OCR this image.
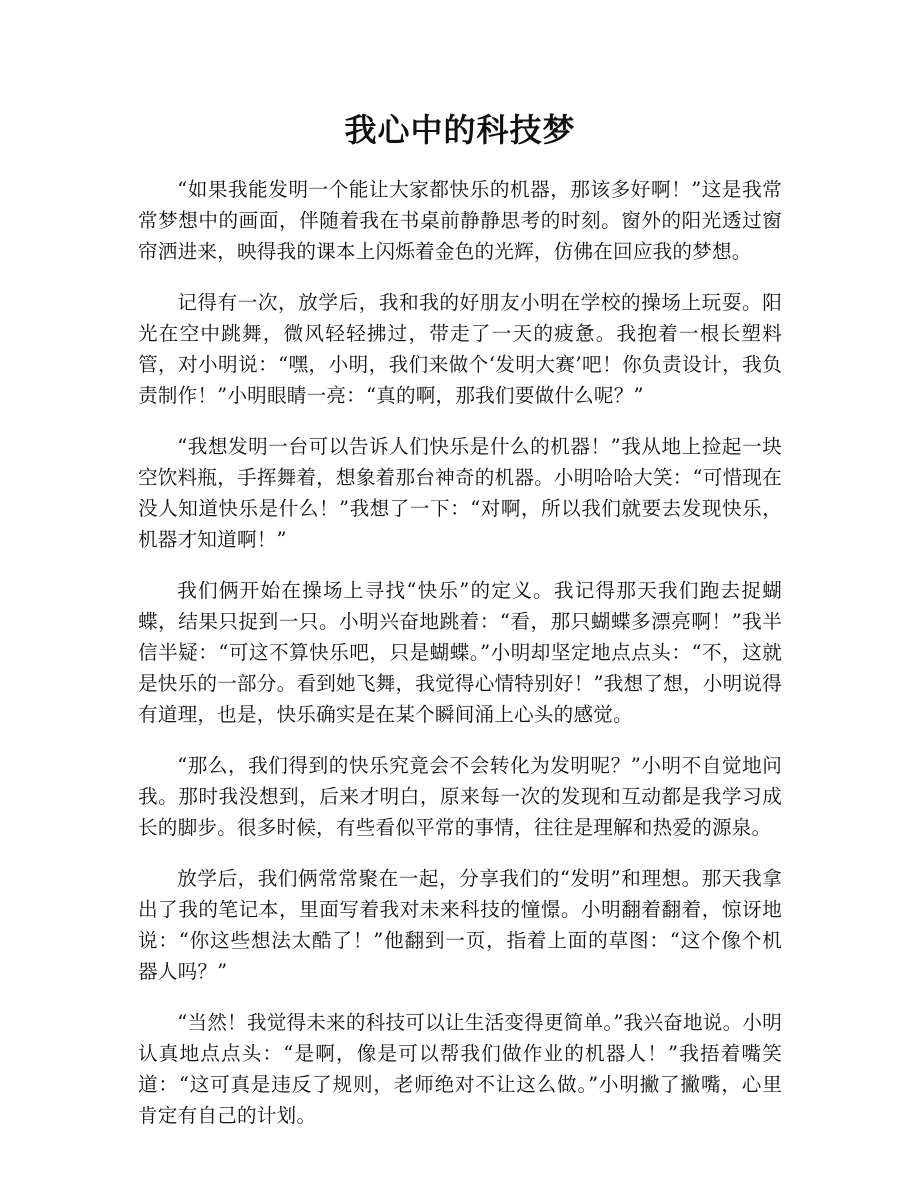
我心中的科技梦

“如果我能发明一个能让大家都快乐的机器，那该多好啊！”这是我常常梦想中的画面，伴随着我在书桌前静静思考的时刻。窗外的阳光透过窗帘洒进来，映得我的课本上闪烁着金色的光辉，仿佛在回应我的梦想。

记得有一次，放学后，我和我的好朋友小明在学校的操场上玩耍。阳光在空中跳舞，微风轻轻拂过，带走了一天的疲惫。我抱着一根长塑料管，对小明说：“嘿，小明，我们来做个‘发明大赛’吧！你负责设计，我负责制作！”小明眼睛一亮：“真的啊，那我们要做什么呢？”

“我想发明一台可以告诉人们快乐是什么的机器！”我从地上捡起一块空饮料瓶，手挥舞着，想象着那台神奇的机器。小明哈哈大笑：“可惜现在没人知道快乐是什么！”我想了一下：“对啊，所以我们就要去发现快乐，机器才知道啊！”

我们俩开始在操场上寻找“快乐”的定义。我记得那天我们跑去捉蝴蝶，结果只捉到一只。小明兴奋地跳着：“看，那只蝴蝶多漂亮啊！”我半信半疑：“可这不算快乐吧，只是蝴蝶。”小明却坚定地点点头：“不，这就是快乐的一部分。看到她飞舞，我觉得心情特别好！”我想了想，小明说得有道理，也是，快乐确实是在某个瞬间涌上心头的感觉。

“那么，我们得到的快乐究竟会不会转化为发明呢？”小明不自觉地问我。那时我没想到，后来才明白，原来每一次的发现和互动都是我学习成长的脚步。很多时候，有些看似平常的事情，往往是理解和热爱的源泉。

放学后，我们俩常常聚在一起，分享我们的“发明”和理想。那天我拿出了我的笔记本，里面写着我对未来科技的憧憬。小明翻着翻着，惊讶地说：“你这些想法太酷了！”他翻到一页，指着上面的草图：“这个像个机器人吗？”

“当然！我觉得未来的科技可以让生活变得更简单。”我兴奋地说。小明认真地点点头：“是啊，像是可以帮我们做作业的机器人！”我捂着嘴笑道：“这可真是违反了规则，老师绝对不让这么做。”小明撇了撇嘴，心里肯定有自己的计划。
